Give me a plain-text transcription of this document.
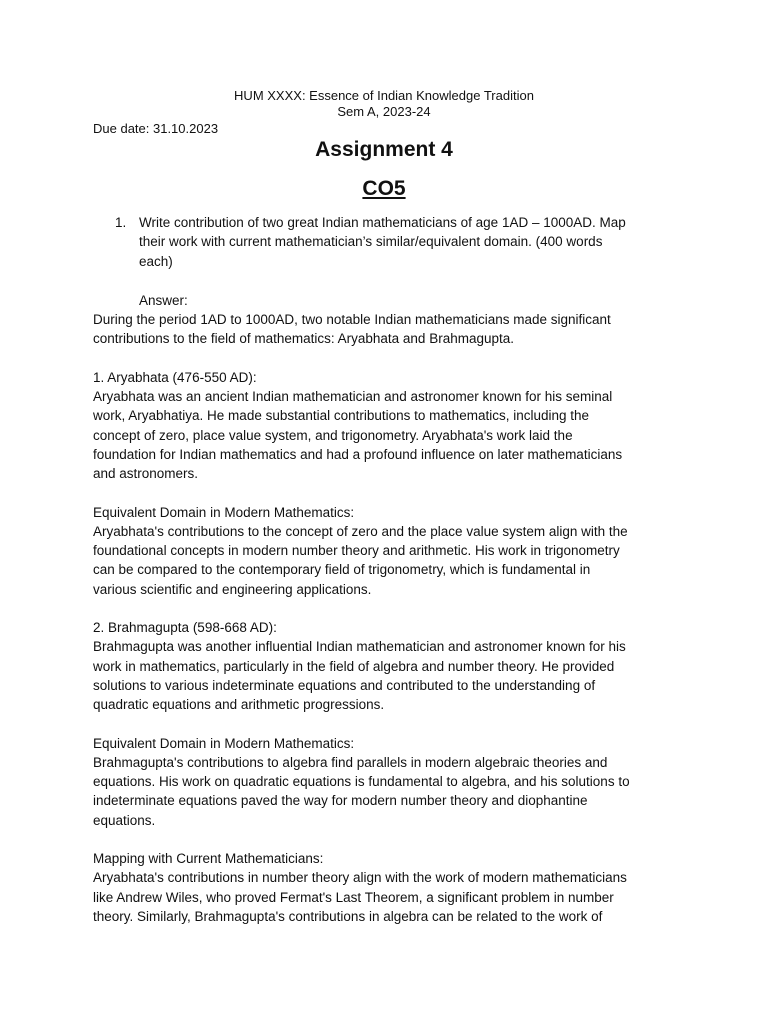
HUM XXXX: Essence of Indian Knowledge Tradition
Sem A, 2023-24
Due date: 31.10.2023
Assignment 4
CO5
1. Write contribution of two great Indian mathematicians of age 1AD – 1000AD. Map
their work with current mathematician’s similar/equivalent domain. (400 words
each)
Answer:
During the period 1AD to 1000AD, two notable Indian mathematicians made significant
contributions to the field of mathematics: Aryabhata and Brahmagupta.
1. Aryabhata (476-550 AD):
Aryabhata was an ancient Indian mathematician and astronomer known for his seminal
work, Aryabhatiya. He made substantial contributions to mathematics, including the
concept of zero, place value system, and trigonometry. Aryabhata's work laid the
foundation for Indian mathematics and had a profound influence on later mathematicians
and astronomers.
Equivalent Domain in Modern Mathematics:
Aryabhata's contributions to the concept of zero and the place value system align with the
foundational concepts in modern number theory and arithmetic. His work in trigonometry
can be compared to the contemporary field of trigonometry, which is fundamental in
various scientific and engineering applications.
2. Brahmagupta (598-668 AD):
Brahmagupta was another influential Indian mathematician and astronomer known for his
work in mathematics, particularly in the field of algebra and number theory. He provided
solutions to various indeterminate equations and contributed to the understanding of
quadratic equations and arithmetic progressions.
Equivalent Domain in Modern Mathematics:
Brahmagupta's contributions to algebra find parallels in modern algebraic theories and
equations. His work on quadratic equations is fundamental to algebra, and his solutions to
indeterminate equations paved the way for modern number theory and diophantine
equations.
Mapping with Current Mathematicians:
Aryabhata's contributions in number theory align with the work of modern mathematicians
like Andrew Wiles, who proved Fermat's Last Theorem, a significant problem in number
theory. Similarly, Brahmagupta's contributions in algebra can be related to the work of
